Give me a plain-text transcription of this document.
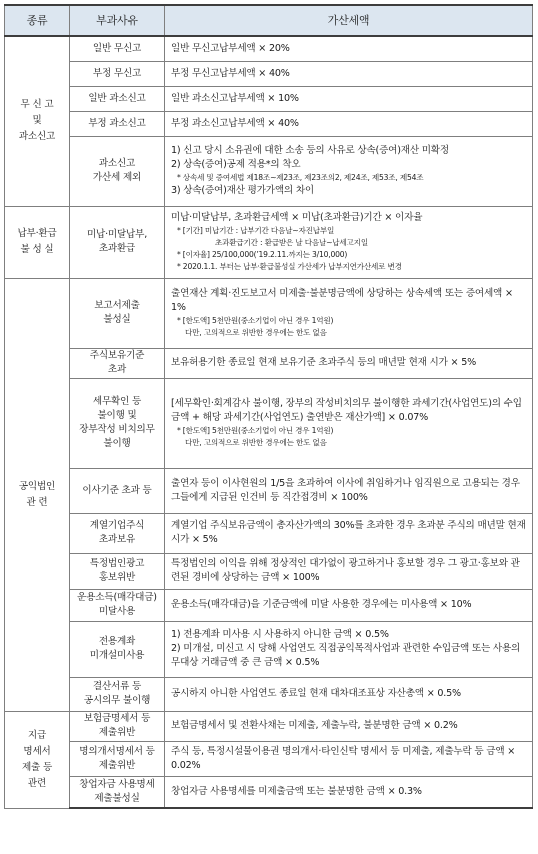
종류	부과사유	가산세액
무 신 고
및
과소신고	일반 무신고	일반 무신고납부세액 × 20%

	부정 무신고	부정 무신고납부세액 × 40%

	일반 과소신고	일반 과소신고납부세액 × 10%

	부정 과소신고	부정 과소신고납부세액 × 40%

	과소신고
가산세 제외	1) 신고 당시 소유권에 대한 소송 등의 사유로 상속(증여)재산 미확정
2) 상속(증여)공제 적용*의 착오
* 상속세 및 증여세법 제18조~제23조, 제23조의2, 제24조, 제53조, 제54조
3) 상속(증여)재산 평가가액의 차이

납부·환급
불 성 실	미납·미달납부,
초과환급	미납·미달납부, 초과환급세액 × 미납(초과환급)기간 × 이자율
* [기간] 미납기간 : 납부기간 다음날~자진납부일
초과환급기간 : 환급받은 날 다음날~납세고지일
* [이자율] 25/100,000(’19.2.11.까지는 3/10,000)
* 2020.1.1. 부터는 납부·환급불성실 가산세가 납부지연가산세로 변경

공익법인
관 련	보고서제출
불성실	출연재산 계획·진도보고서 미제출·불분명금액에 상당하는 상속세액 또는 증여세액 × 1%
* [한도액] 5천만원(중소기업이 아닌 경우 1억원)
다만, 고의적으로 위반한 경우에는 한도 없음

	주식보유기준
초과	보유허용기한 종료일 현재 보유기준 초과주식 등의 매년말 현재 시가 × 5%

	세무확인 등
불이행 및
장부작성 비치의무
불이행	[세무확인·회계감사 불이행, 장부의 작성비치의무 불이행한 과세기간(사업연도)의 수입금액 + 해당 과세기간(사업연도) 출연받은 재산가액] × 0.07%
* [한도액] 5천만원(중소기업이 아닌 경우 1억원)
다만, 고의적으로 위반한 경우에는 한도 없음

	이사기준 초과 등	출연자 등이 이사현원의 1/5을 초과하여 이사에 취임하거나 임직원으로 고용되는 경우 그들에게 지급된 인건비 등 직간접경비 × 100%

	계열기업주식
초과보유	계열기업 주식보유금액이 총자산가액의 30%를 초과한 경우 초과분 주식의 매년말 현재시가 × 5%

	특정법인광고
홍보위반	특정법인의 이익을 위해 정상적인 대가없이 광고하거나 홍보할 경우 그 광고·홍보와 관련된 경비에 상당하는 금액 × 100%

	운용소득(매각대금)
미달사용	운용소득(매각대금)을 기준금액에 미달 사용한 경우에는 미사용액 × 10%

	전용계좌
미개설미사용	1) 전용계좌 미사용 시 사용하지 아니한 금액 × 0.5%
2) 미개설, 미신고 시 당해 사업연도 직접공익목적사업과 관련한 수입금액 또는 사용의무대상 거래금액 중 큰 금액 × 0.5%

	결산서류 등
공시의무 불이행	공시하지 아니한 사업연도 종료일 현재 대차대조표상 자산총액 × 0.5%

지급
명세서
제출 등
관련	보험금명세서 등
제출위반	보험금명세서 및 전환사채는 미제출, 제출누락, 불분명한 금액 × 0.2%

	명의개서명세서 등
제출위반	주식 등, 특정시설물이용권 명의개서·타인신탁 명세서 등 미제출, 제출누락 등 금액 × 0.02%

	창업자금 사용명세
제출불성실	창업자금 사용명세를 미제출금액 또는 불분명한 금액 × 0.3%
